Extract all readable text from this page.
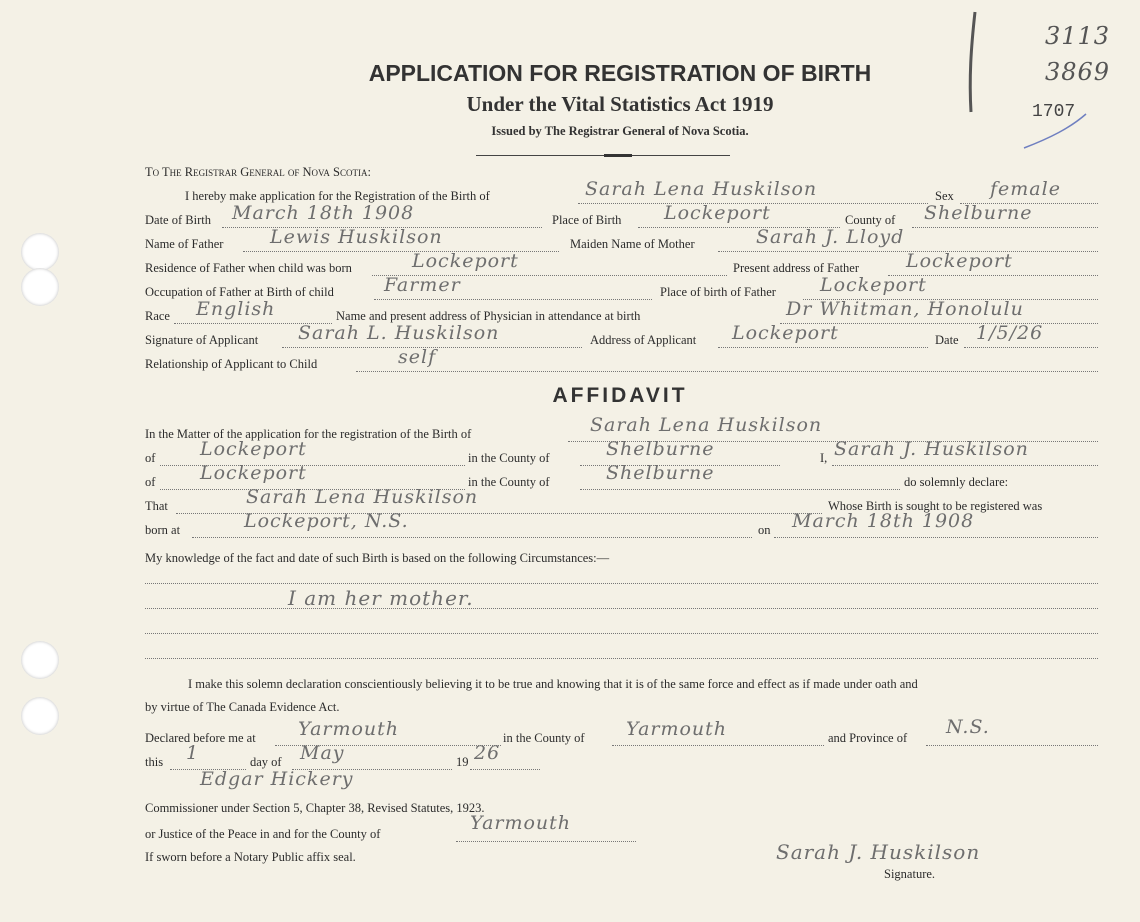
3113
3869
1707
APPLICATION FOR REGISTRATION OF BIRTH
Under the Vital Statistics Act 1919
Issued by The Registrar General of Nova Scotia.
To The Registrar General of Nova Scotia:
I hereby make application for the Registration of the Birth of	Sarah Lena Huskilson	Sex female
Date of Birth March 18th 1908	Place of Birth Lockeport	County of Shelburne
Name of Father Lewis Huskilson	Maiden Name of Mother	Sarah J. Lloyd
Residence of Father when child was born	Lockeport	Present address of Father Lockeport
Occupation of Father at Birth of child	Farmer	Place of birth of Father Lockeport
Race English	Name and present address of Physician in attendance at birth	Dr Whitman, Honolulu
Signature of Applicant Sarah L. Huskilson	Address of Applicant Lockeport	Date 1/5/26
Relationship of Applicant to Child	self
AFFIDAVIT
In the Matter of the application for the registration of the Birth of	Sarah Lena Huskilson
of Lockeport	in the County of	Shelburne	I, Sarah J. Huskilson
of Lockeport	in the County of	Shelburne	do solemnly declare:
That	Sarah Lena Huskilson	Whose Birth is sought to be registered was
born at	Lockeport, N.S.	on March 18th 1908
My knowledge of the fact and date of such Birth is based on the following Circumstances:—
I am her mother.
I make this solemn declaration conscientiously believing it to be true and knowing that it is of the same force and effect as if made under oath and
by virtue of The Canada Evidence Act.
Declared before me at Yarmouth	in the County of Yarmouth	and Province of N.S.
this 1	day of May	19 26
Edgar Hickery
Commissioner under Section 5, Chapter 38, Revised Statutes, 1923.
or Justice of the Peace in and for the County of	Yarmouth
If sworn before a Notary Public affix seal.	Sarah J. Huskilson
Signature.
